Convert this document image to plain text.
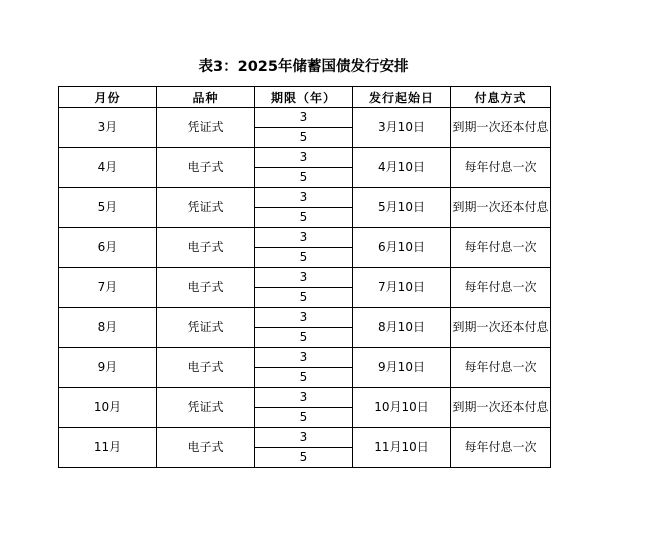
表3：2025年储蓄国债发行安排
月份	品种	期限（年）	发行起始日	付息方式
3月	凭证式	3	3月10日	到期一次还本付息
		5		
4月	电子式	3	4月10日	每年付息一次
		5		
5月	凭证式	3	5月10日	到期一次还本付息
		5		
6月	电子式	3	6月10日	每年付息一次
		5		
7月	电子式	3	7月10日	每年付息一次
		5		
8月	凭证式	3	8月10日	到期一次还本付息
		5		
9月	电子式	3	9月10日	每年付息一次
		5		
10月	凭证式	3	10月10日	到期一次还本付息
		5		
11月	电子式	3	11月10日	每年付息一次
		5		
